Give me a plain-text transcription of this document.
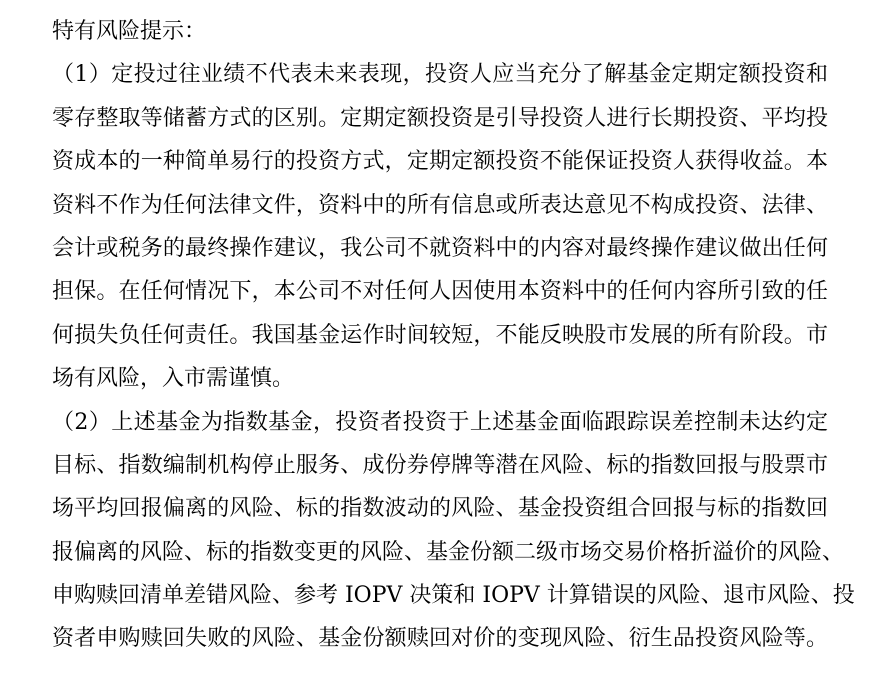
特有风险提示：
（1）定投过往业绩不代表未来表现，投资人应当充分了解基金定期定额投资和
零存整取等储蓄方式的区别。定期定额投资是引导投资人进行长期投资、平均投
资成本的一种简单易行的投资方式，定期定额投资不能保证投资人获得收益。本
资料不作为任何法律文件，资料中的所有信息或所表达意见不构成投资、法律、
会计或税务的最终操作建议，我公司不就资料中的内容对最终操作建议做出任何
担保。在任何情况下，本公司不对任何人因使用本资料中的任何内容所引致的任
何损失负任何责任。我国基金运作时间较短，不能反映股市发展的所有阶段。市
场有风险，入市需谨慎。
（2）上述基金为指数基金，投资者投资于上述基金面临跟踪误差控制未达约定
目标、指数编制机构停止服务、成份券停牌等潜在风险、标的指数回报与股票市
场平均回报偏离的风险、标的指数波动的风险、基金投资组合回报与标的指数回
报偏离的风险、标的指数变更的风险、基金份额二级市场交易价格折溢价的风险、
申购赎回清单差错风险、参考 IOPV 决策和 IOPV 计算错误的风险、退市风险、投
资者申购赎回失败的风险、基金份额赎回对价的变现风险、衍生品投资风险等。
